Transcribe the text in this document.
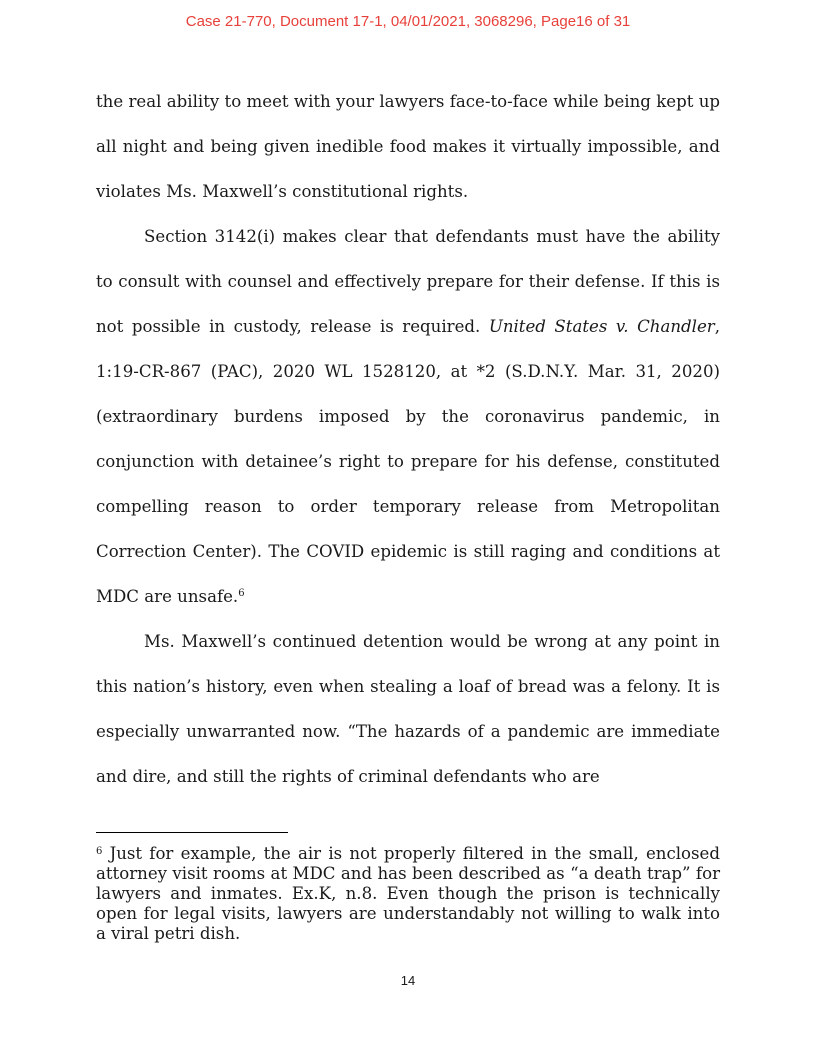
Case 21-770, Document 17-1, 04/01/2021, 3068296, Page16 of 31

the real ability to meet with your lawyers face-to-face while being kept up all night and being given inedible food makes it virtually impossible, and violates Ms. Maxwell’s constitutional rights.

Section 3142(i) makes clear that defendants must have the ability to consult with counsel and effectively prepare for their defense. If this is not possible in custody, release is required. United States v. Chandler, 1:19-CR-867 (PAC), 2020 WL 1528120, at *2 (S.D.N.Y. Mar. 31, 2020) (extraordinary burdens imposed by the coronavirus pandemic, in conjunction with detainee’s right to prepare for his defense, constituted compelling reason to order temporary release from Metropolitan Correction Center). The COVID epidemic is still raging and conditions at MDC are unsafe.$^6$

Ms. Maxwell’s continued detention would be wrong at any point in this nation’s history, even when stealing a loaf of bread was a felony. It is especially unwarranted now. “The hazards of a pandemic are immediate and dire, and still the rights of criminal defendants who are

$^6$ Just for example, the air is not properly filtered in the small, enclosed attorney visit rooms at MDC and has been described as “a death trap” for lawyers and inmates. Ex.K, n.8. Even though the prison is technically open for legal visits, lawyers are understandably not willing to walk into a viral petri dish.

14
